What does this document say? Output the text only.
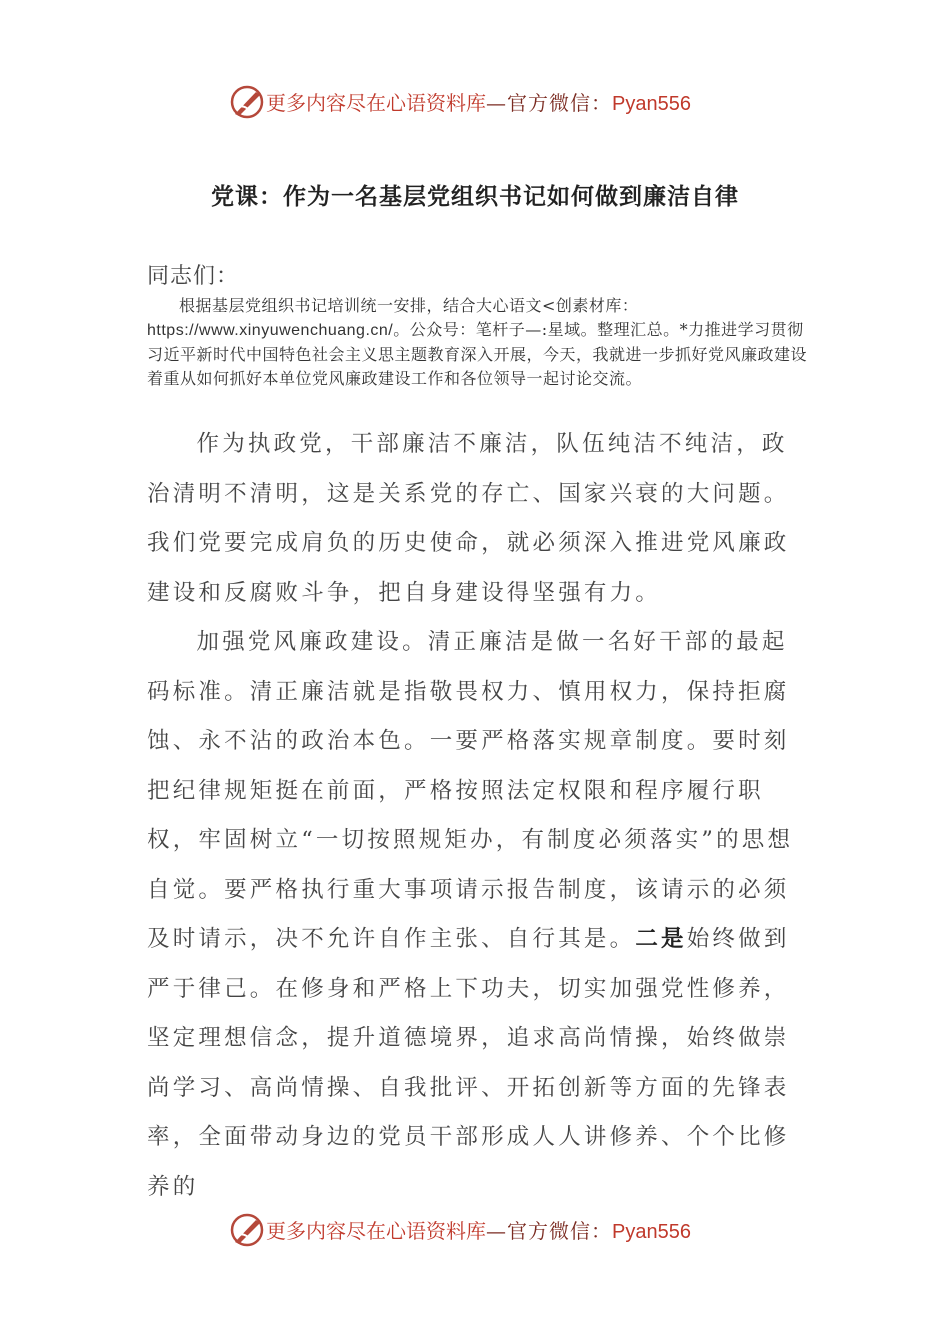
更多内容尽在心语资料库—官方微信：Pyan556
党课：作为一名基层党组织书记如何做到廉洁自律
同志们：
根据基层党组织书记培训统一安排，结合大心语文<创素材库：https://www.xinyuwenchuang.cn/。公众号：笔杆子—:星域。整理汇总。*力推进学习贯彻习近平新时代中国特色社会主义思主题教育深入开展，今天，我就进一步抓好党风廉政建设着重从如何抓好本单位党风廉政建设工作和各位领导一起讨论交流。
作为执政党，干部廉洁不廉洁，队伍纯洁不纯洁，政治清明不清明，这是关系党的存亡、国家兴衰的大问题。我们党要完成肩负的历史使命，就必须深入推进党风廉政建设和反腐败斗争，把自身建设得坚强有力。
加强党风廉政建设。清正廉洁是做一名好干部的最起码标准。清正廉洁就是指敬畏权力、慎用权力，保持拒腐蚀、永不沾的政治本色。一要严格落实规章制度。要时刻把纪律规矩挺在前面，严格按照法定权限和程序履行职权，牢固树立“一切按照规矩办，有制度必须落实”的思想自觉。要严格执行重大事项请示报告制度，该请示的必须及时请示，决不允许自作主张、自行其是。二是始终做到严于律己。在修身和严格上下功夫，切实加强党性修养，坚定理想信念，提升道德境界，追求高尚情操，始终做崇尚学习、高尚情操、自我批评、开拓创新等方面的先锋表率，全面带动身边的党员干部形成人人讲修养、个个比修养的
更多内容尽在心语资料库—官方微信：Pyan556
